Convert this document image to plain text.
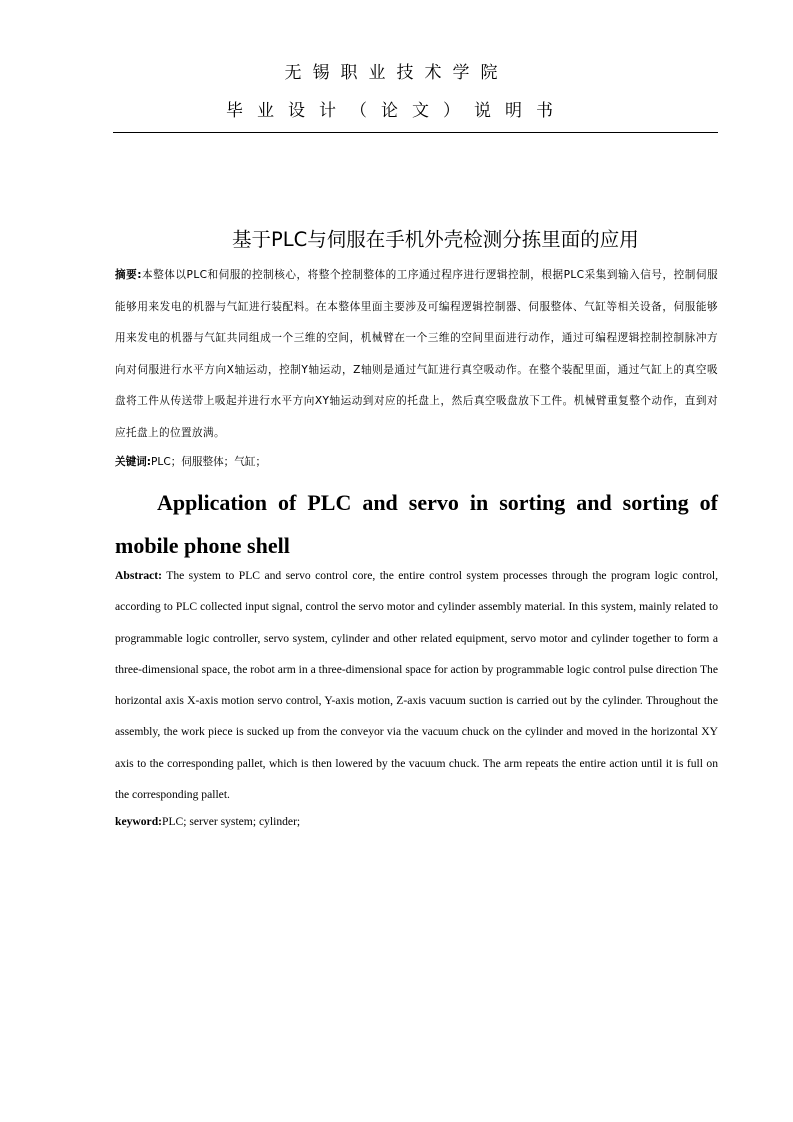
无锡职业技术学院
毕业设计（论文）说明书
基于PLC与伺服在手机外壳检测分拣里面的应用
摘要:本整体以PLC和伺服的控制核心，将整个控制整体的工序通过程序进行逻辑控制，根据PLC采集到输入信号，控制伺服能够用来发电的机器与气缸进行装配料。在本整体里面主要涉及可编程逻辑控制器、伺服整体、气缸等相关设备，伺服能够用来发电的机器与气缸共同组成一个三维的空间，机械臂在一个三维的空间里面进行动作，通过可编程逻辑控制控制脉冲方向对伺服进行水平方向X轴运动，控制Y轴运动，Z轴则是通过气缸进行真空吸动作。在整个装配里面，通过气缸上的真空吸盘将工件从传送带上吸起并进行水平方向XY轴运动到对应的托盘上，然后真空吸盘放下工件。机械臂重复整个动作，直到对应托盘上的位置放满。
关键词:PLC；伺服整体；气缸；
Application of PLC and servo in sorting and sorting of mobile phone shell
Abstract: The system to PLC and servo control core, the entire control system processes through the program logic control, according to PLC collected input signal, control the servo motor and cylinder assembly material. In this system, mainly related to programmable logic controller, servo system, cylinder and other related equipment, servo motor and cylinder together to form a three-dimensional space, the robot arm in a three-dimensional space for action by programmable logic control pulse direction The horizontal axis X-axis motion servo control, Y-axis motion, Z-axis vacuum suction is carried out by the cylinder. Throughout the assembly, the work piece is sucked up from the conveyor via the vacuum chuck on the cylinder and moved in the horizontal XY axis to the corresponding pallet, which is then lowered by the vacuum chuck. The arm repeats the entire action until it is full on the corresponding pallet.
keyword:PLC; server system; cylinder;
